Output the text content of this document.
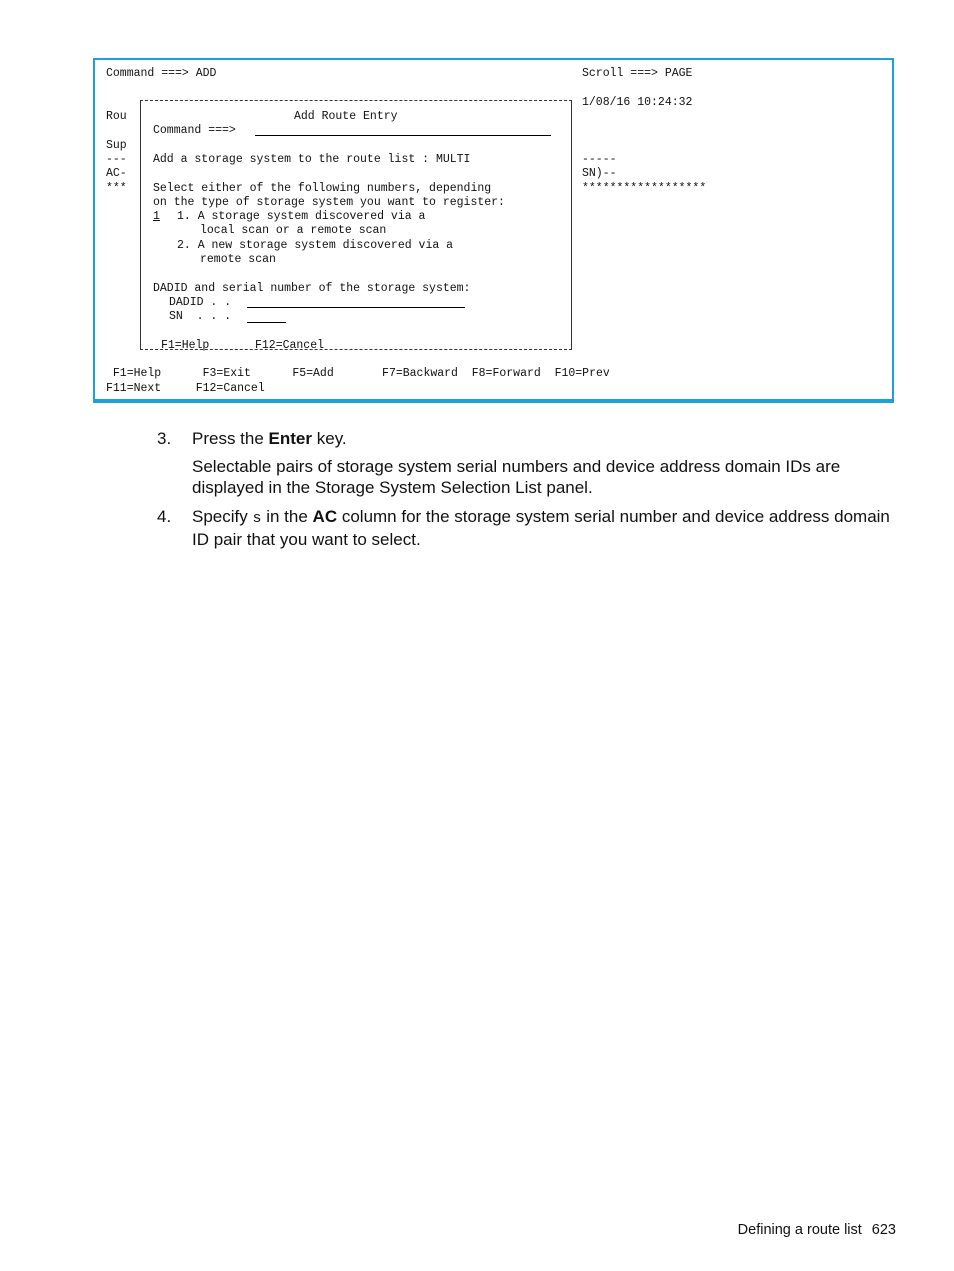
Command ===> ADD	Scroll ===> PAGE
1/08/16 10:24:32
Rou
Sup
---
AC-
***
-----
SN)--
******************
Add Route Entry
Command ===>
Add a storage system to the route list : MULTI
Select either of the following numbers, depending
on the type of storage system you want to register:
1 1. A storage system discovered via a
local scan or a remote scan
2. A new storage system discovered via a
remote scan
DADID and serial number of the storage system:
DADID . .
SN  . . .
F1=Help	F12=Cancel
F1=Help      F3=Exit      F5=Add       F7=Backward  F8=Forward  F10=Prev
F11=Next     F12=Cancel
3. Press the Enter key.
Selectable pairs of storage system serial numbers and device address domain IDs are displayed in the Storage System Selection List panel.
4. Specify s in the AC column for the storage system serial number and device address domain ID pair that you want to select.
Defining a route list 623
